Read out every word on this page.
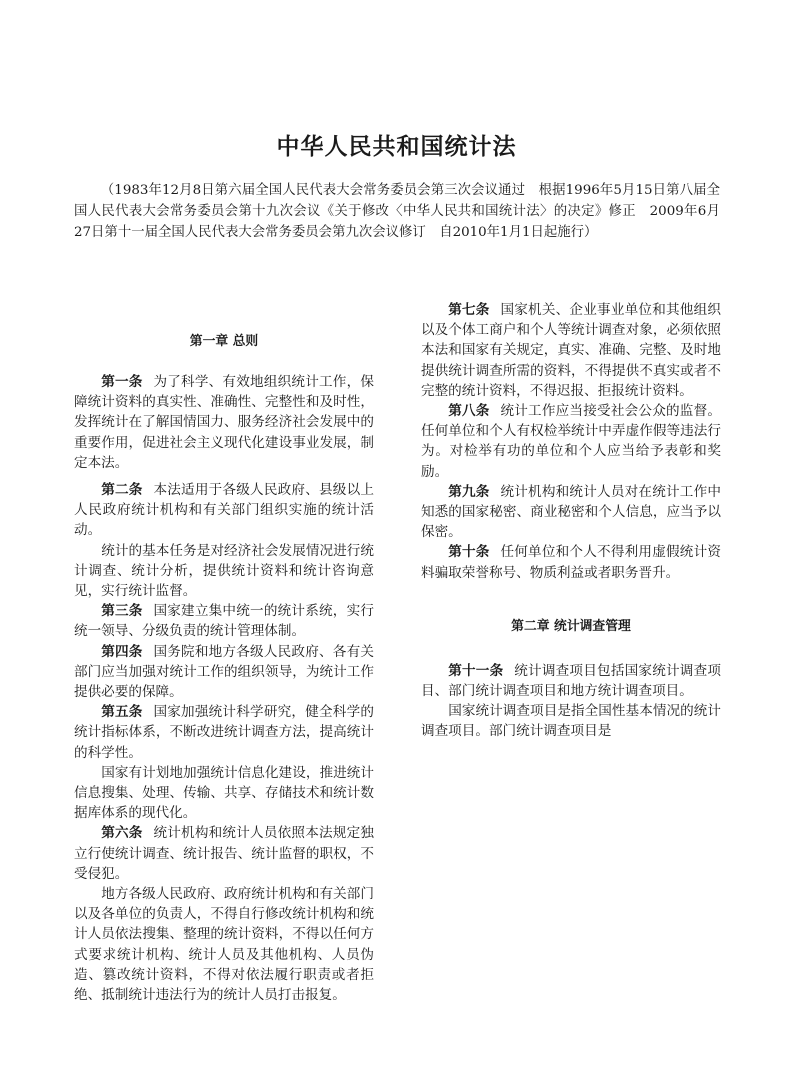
中华人民共和国统计法

（1983年12月8日第六届全国人民代表大会常务委员会第三次会议通过　根据1996年5月15日第八届全国人民代表大会常务委员会第十九次会议《关于修改〈中华人民共和国统计法〉的决定》修正　2009年6月27日第十一届全国人民代表大会常务委员会第九次会议修订　自2010年1月1日起施行）

第一章 总则

第一条 为了科学、有效地组织统计工作，保障统计资料的真实性、准确性、完整性和及时性，发挥统计在了解国情国力、服务经济社会发展中的重要作用，促进社会主义现代化建设事业发展，制定本法。

第二条 本法适用于各级人民政府、县级以上人民政府统计机构和有关部门组织实施的统计活动。

统计的基本任务是对经济社会发展情况进行统计调查、统计分析，提供统计资料和统计咨询意见，实行统计监督。

第三条 国家建立集中统一的统计系统，实行统一领导、分级负责的统计管理体制。

第四条 国务院和地方各级人民政府、各有关部门应当加强对统计工作的组织领导，为统计工作提供必要的保障。

第五条 国家加强统计科学研究，健全科学的统计指标体系，不断改进统计调查方法，提高统计的科学性。

国家有计划地加强统计信息化建设，推进统计信息搜集、处理、传输、共享、存储技术和统计数据库体系的现代化。

第六条 统计机构和统计人员依照本法规定独立行使统计调查、统计报告、统计监督的职权，不受侵犯。

地方各级人民政府、政府统计机构和有关部门以及各单位的负责人，不得自行修改统计机构和统计人员依法搜集、整理的统计资料，不得以任何方式要求统计机构、统计人员及其他机构、人员伪造、篡改统计资料，不得对依法履行职责或者拒绝、抵制统计违法行为的统计人员打击报复。

第七条 国家机关、企业事业单位和其他组织以及个体工商户和个人等统计调查对象，必须依照本法和国家有关规定，真实、准确、完整、及时地提供统计调查所需的资料，不得提供不真实或者不完整的统计资料，不得迟报、拒报统计资料。

第八条 统计工作应当接受社会公众的监督。任何单位和个人有权检举统计中弄虚作假等违法行为。对检举有功的单位和个人应当给予表彰和奖励。

第九条 统计机构和统计人员对在统计工作中知悉的国家秘密、商业秘密和个人信息，应当予以保密。

第十条 任何单位和个人不得利用虚假统计资料骗取荣誉称号、物质利益或者职务晋升。

第二章 统计调查管理

第十一条 统计调查项目包括国家统计调查项目、部门统计调查项目和地方统计调查项目。

国家统计调查项目是指全国性基本情况的统计调查项目。部门统计调查项目是
